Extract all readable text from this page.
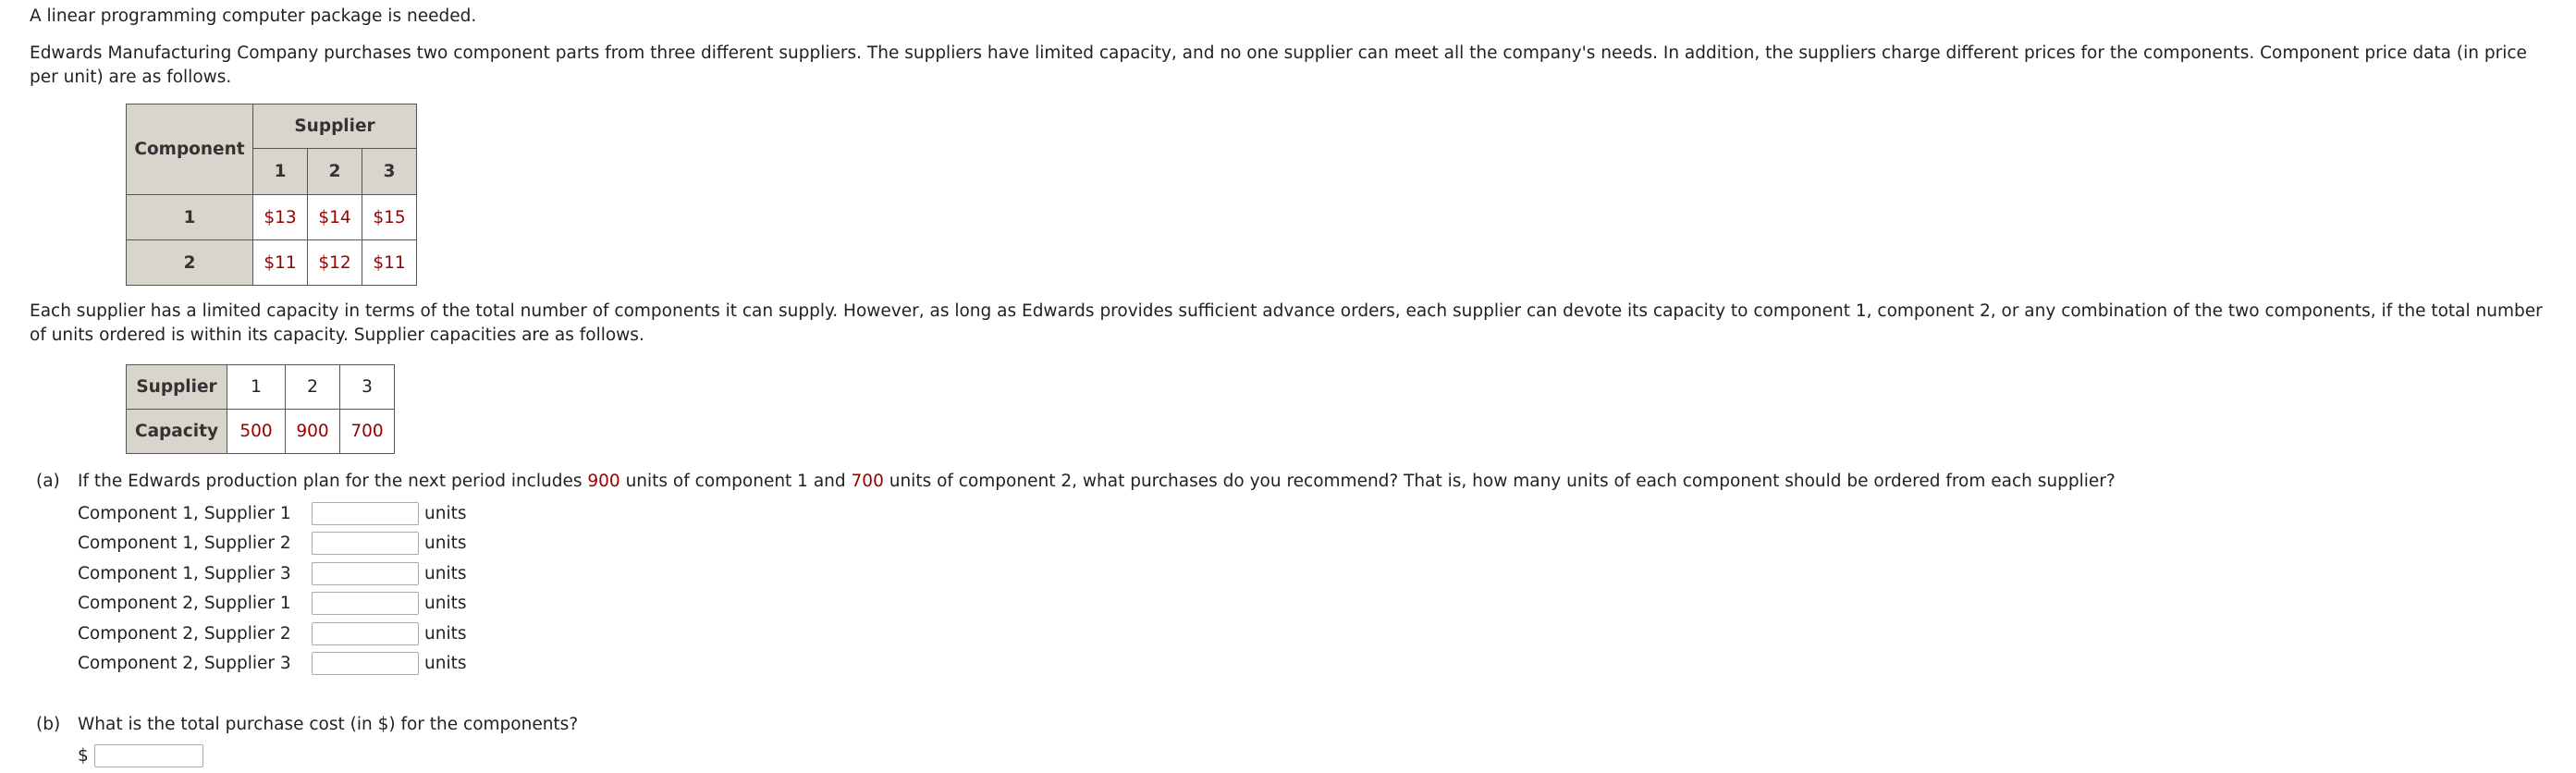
A linear programming computer package is needed.

Edwards Manufacturing Company purchases two component parts from three different suppliers. The suppliers have limited capacity, and no one supplier can meet all the company's needs. In addition, the suppliers charge different prices for the components. Component price data (in price per unit) are as follows.

Component	Supplier		
	1	2	3
1	$13	$14	$15
2	$11	$12	$11

Each supplier has a limited capacity in terms of the total number of components it can supply. However, as long as Edwards provides sufficient advance orders, each supplier can devote its capacity to component 1, component 2, or any combination of the two components, if the total number of units ordered is within its capacity. Supplier capacities are as follows.

Supplier	1	2	3
Capacity	500	900	700
(a) If the Edwards production plan for the next period includes 900 units of component 1 and 700 units of component 2, what purchases do you recommend? That is, how many units of each component should be ordered from each supplier?
Component 1, Supplier 1	units
Component 1, Supplier 2	units
Component 1, Supplier 3	units
Component 2, Supplier 1	units
Component 2, Supplier 2	units
Component 2, Supplier 3	units
(b) What is the total purchase cost (in $) for the components?
$
